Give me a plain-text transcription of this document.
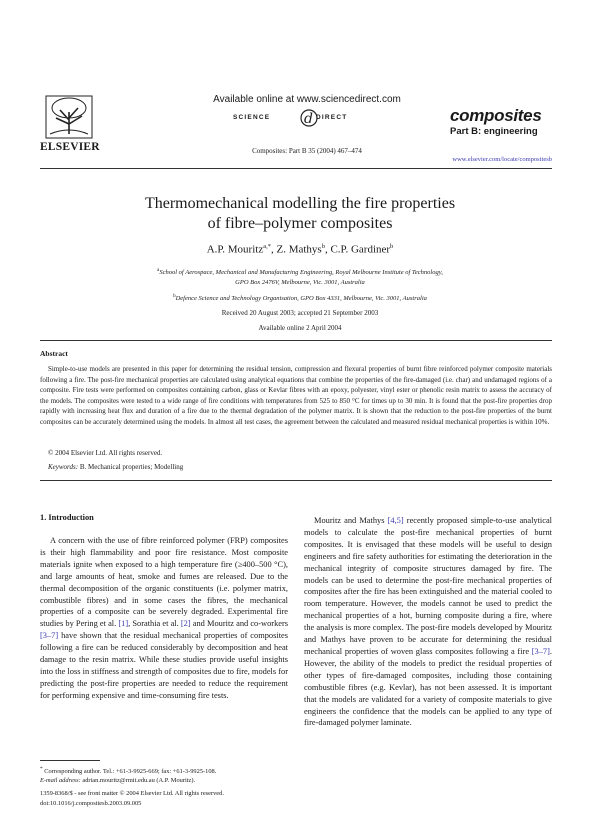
ELSEVIER
Available online at www.sciencedirect.com
d
SCIENCE	DIRECT
Composites: Part B 35 (2004) 467–474
composites
Part B: engineering
www.elsevier.com/locate/compositesb
Thermomechanical modelling the fire properties
of fibre–polymer composites
A.P. Mouritz$^{a,*}$, Z. Mathys$^b$, C.P. Gardiner$^b$
$^a$School of Aerospace, Mechanical and Manufacturing Engineering, Royal Melbourne Institute of Technology,
GPO Box 2476V, Melbourne, Vic. 3001, Australia
$^b$Defence Science and Technology Organisation, GPO Box 4331, Melbourne, Vic. 3001, Australia
Received 20 August 2003; accepted 21 September 2003
Available online 2 April 2004
Abstract
Simple-to-use models are presented in this paper for determining the residual tension, compression and flexural properties of burnt fibre reinforced polymer composite materials following a fire. The post-fire mechanical properties are calculated using analytical equations that combine the properties of the fire-damaged (i.e. char) and undamaged regions of a composite. Fire tests were performed on composites containing carbon, glass or Kevlar fibres with an epoxy, polyester, vinyl ester or phenolic resin matrix to assess the accuracy of the models. The composites were tested to a wide range of fire conditions with temperatures from 525 to 850 °C for times up to 30 min. It is found that the post-fire properties drop rapidly with increasing heat flux and duration of a fire due to the thermal degradation of the polymer matrix. It is shown that the reduction to the post-fire properties of the burnt composites can be accurately determined using the models. In almost all test cases, the agreement between the calculated and measured residual mechanical properties is within 10%.
© 2004 Elsevier Ltd. All rights reserved.
Keywords: B. Mechanical properties; Modelling
1. Introduction

A concern with the use of fibre reinforced polymer (FRP) composites is their high flammability and poor fire resistance. Most composite materials ignite when exposed to a high temperature fire (≥400–500 °C), and large amounts of heat, smoke and fumes are released. Due to the thermal decomposition of the organic constituents (i.e. polymer matrix, combustible fibres) and in some cases the fibres, the mechanical properties of a composite can be severely degraded. Experimental fire studies by Pering et al. [1], Sorathia et al. [2] and Mouritz and co-workers [3–7] have shown that the residual mechanical properties of composites following a fire can be reduced considerably by decomposition and heat damage to the resin matrix. While these studies provide useful insights into the loss in stiffness and strength of composites due to fire, models for predicting the post-fire properties are needed to reduce the requirement for performing expensive and time-consuming fire tests.

Mouritz and Mathys [4,5] recently proposed simple-to-use analytical models to calculate the post-fire mechanical properties of burnt composites. It is envisaged that these models will be useful to design engineers and fire safety authorities for estimating the deterioration in the mechanical integrity of composite structures damaged by fire. The models can be used to determine the post-fire mechanical properties of composites after the fire has been extinguished and the material cooled to room temperature. However, the models cannot be used to predict the mechanical properties of a hot, burning composite during a fire, where the analysis is more complex. The post-fire models developed by Mouritz and Mathys have proven to be accurate for determining the residual mechanical properties of woven glass composites following a fire [3–7]. However, the ability of the models to predict the residual properties of other types of fire-damaged composites, including those containing combustible fibres (e.g. Kevlar), has not been assessed. It is important that the models are validated for a variety of composite materials to give engineers the confidence that the models can be applied to any type of fire-damaged polymer laminate.

* Corresponding author. Tel.: +61-3-9925-669; fax: +61-3-9925-108.
E-mail address: adrian.mouritz@rmit.edu.au (A.P. Mouritz).
1359-8368/$ - see front matter © 2004 Elsevier Ltd. All rights reserved.
doi:10.1016/j.compositesb.2003.09.005
